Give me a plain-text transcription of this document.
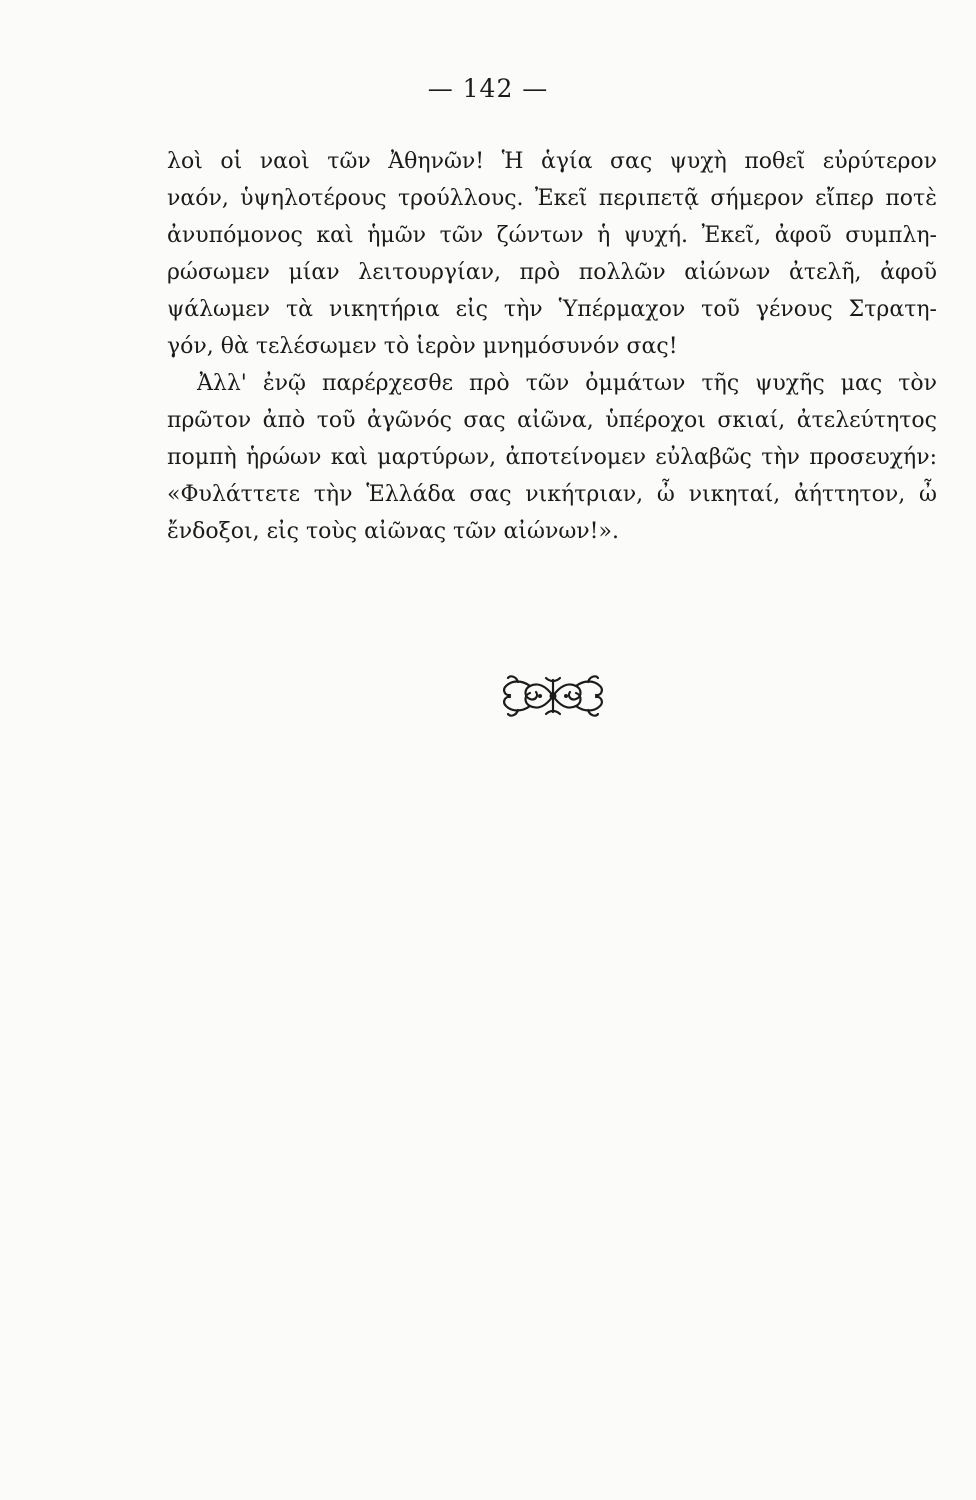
— 142 —
λοὶ οἱ ναοὶ τῶν Ἀθηνῶν! Ἡ ἁγία σας ψυχὴ ποθεῖ εὐρύτερον
ναόν, ὑψηλοτέρους τρούλλους. Ἐκεῖ περιπετᾷ σήμερον εἴπερ ποτὲ
ἀνυπόμονος καὶ ἡμῶν τῶν ζώντων ἡ ψυχή. Ἐκεῖ, ἀφοῦ συμπλη-
ρώσωμεν μίαν λειτουργίαν, πρὸ πολλῶν αἰώνων ἀτελῆ, ἀφοῦ
ψάλωμεν τὰ νικητήρια εἰς τὴν Ὑπέρμαχον τοῦ γένους Στρατη-
γόν, θὰ τελέσωμεν τὸ ἱερὸν μνημόσυνόν σας!
Ἀλλ' ἐνῷ παρέρχεσθε πρὸ τῶν ὀμμάτων τῆς ψυχῆς μας τὸν
πρῶτον ἀπὸ τοῦ ἀγῶνός σας αἰῶνα, ὑπέροχοι σκιαί, ἀτελεύτητος
πομπὴ ἡρώων καὶ μαρτύρων, ἀποτείνομεν εὐλαβῶς τὴν προσευχήν:
«Φυλάττετε τὴν Ἑλλάδα σας νικήτριαν, ὦ νικηταί, ἀήττητον, ὦ
ἔνδοξοι, εἰς τοὺς αἰῶνας τῶν αἰώνων!».
